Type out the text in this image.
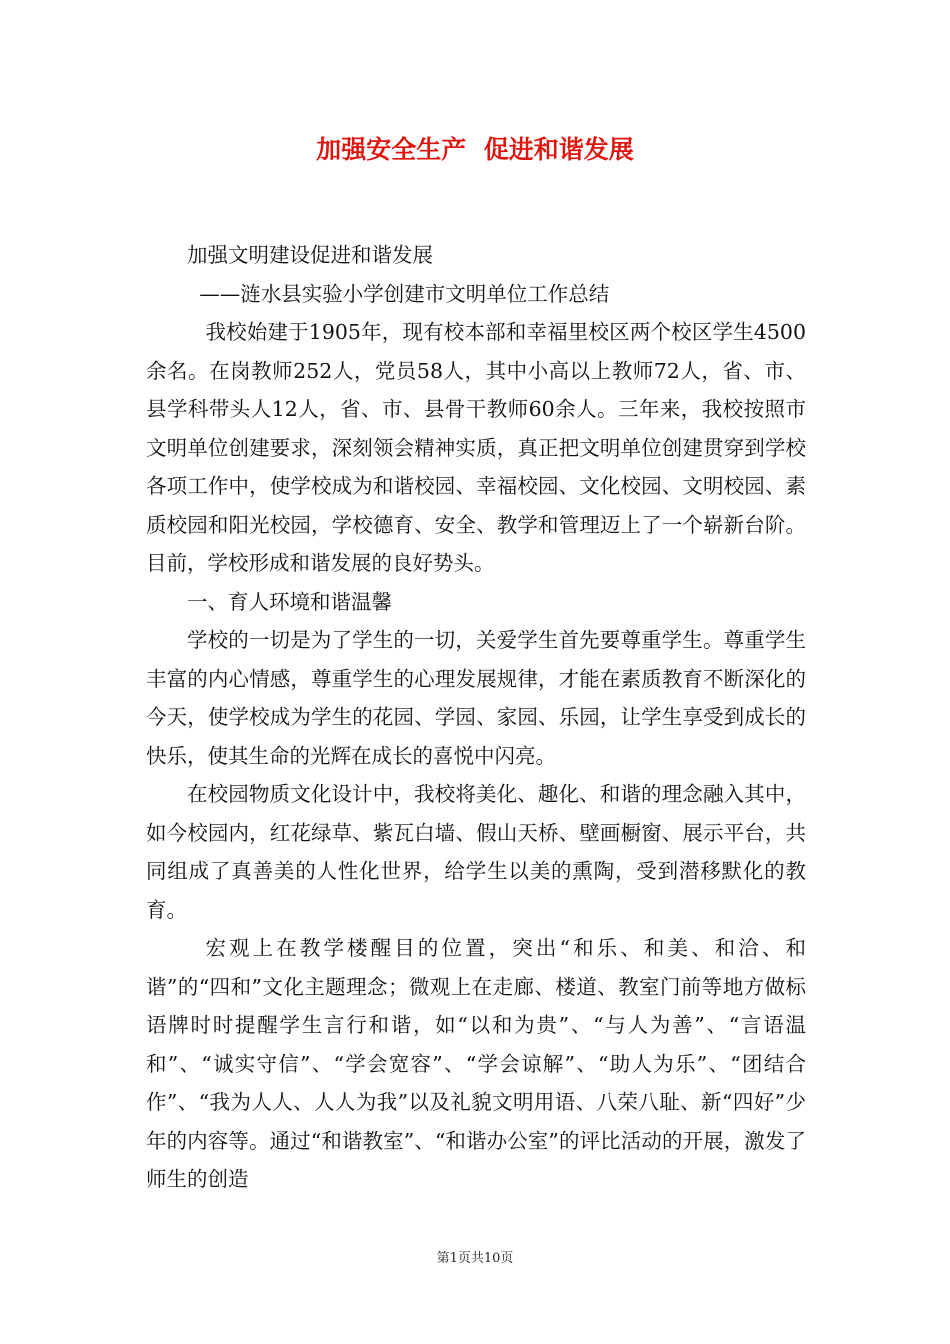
加强安全生产  促进和谐发展

加强文明建设促进和谐发展

——涟水县实验小学创建市文明单位工作总结

我校始建于1905年，现有校本部和幸福里校区两个校区学生4500余名。在岗教师252人，党员58人，其中小高以上教师72人，省、市、县学科带头人12人，省、市、县骨干教师60余人。三年来，我校按照市文明单位创建要求，深刻领会精神实质，真正把文明单位创建贯穿到学校各项工作中，使学校成为和谐校园、幸福校园、文化校园、文明校园、素质校园和阳光校园，学校德育、安全、教学和管理迈上了一个崭新台阶。目前，学校形成和谐发展的良好势头。

一、育人环境和谐温馨

学校的一切是为了学生的一切，关爱学生首先要尊重学生。尊重学生丰富的内心情感，尊重学生的心理发展规律，才能在素质教育不断深化的今天，使学校成为学生的花园、学园、家园、乐园，让学生享受到成长的快乐，使其生命的光辉在成长的喜悦中闪亮。

在校园物质文化设计中，我校将美化、趣化、和谐的理念融入其中，如今校园内，红花绿草、紫瓦白墙、假山天桥、壁画橱窗、展示平台，共同组成了真善美的人性化世界，给学生以美的熏陶，受到潜移默化的教育。

宏观上在教学楼醒目的位置，突出“和乐、和美、和洽、和谐”的“四和”文化主题理念；微观上在走廊、楼道、教室门前等地方做标语牌时时提醒学生言行和谐，如“以和为贵”、“与人为善”、“言语温和”、“诚实守信”、“学会宽容”、“学会谅解”、“助人为乐”、“团结合作”、“我为人人、人人为我”以及礼貌文明用语、八荣八耻、新“四好”少年的内容等。通过“和谐教室”、“和谐办公室”的评比活动的开展，激发了师生的创造

第1页共10页
